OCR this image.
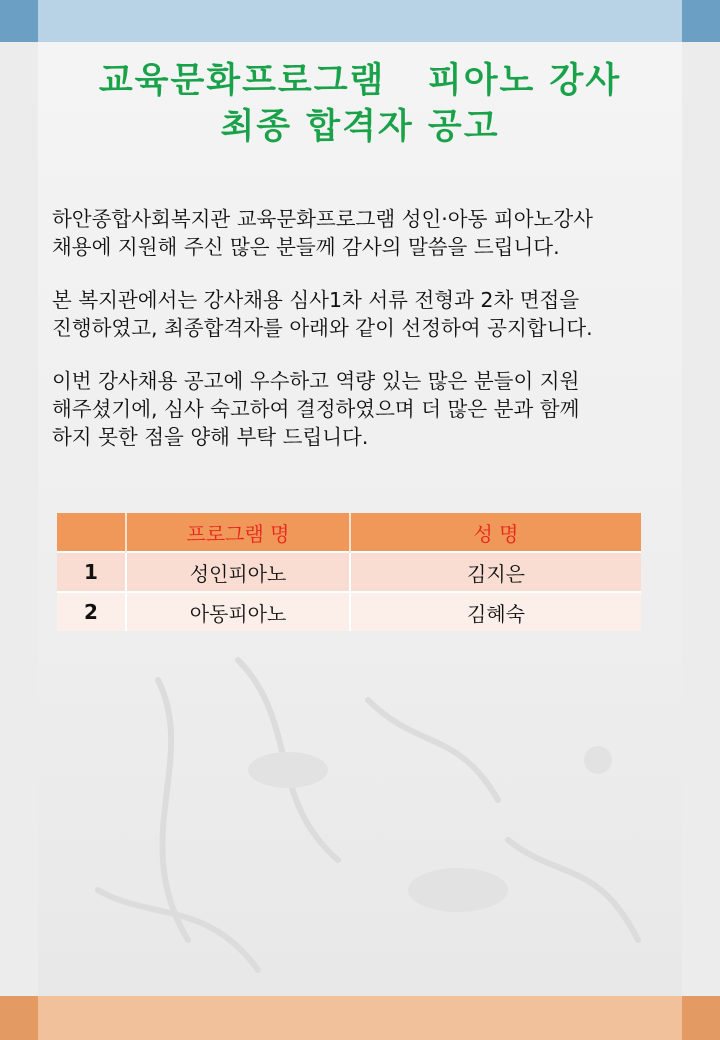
교육문화프로그램   피아노 강사
최종 합격자 공고

하안종합사회복지관 교육문화프로그램 성인·아동 피아노강사
채용에 지원해 주신 많은 분들께 감사의 말씀을 드립니다.

본 복지관에서는 강사채용 심사1차 서류 전형과 2차 면접을
진행하였고, 최종합격자를 아래와 같이 선정하여 공지합니다.

이번 강사채용 공고에 우수하고 역량 있는 많은 분들이 지원
해주셨기에, 심사 숙고하여 결정하였으며 더 많은 분과 함께
하지 못한 점을 양해 부탁 드립니다.

	프로그램 명	성 명
1	성인피아노	김지은
2	아동피아노	김혜숙
